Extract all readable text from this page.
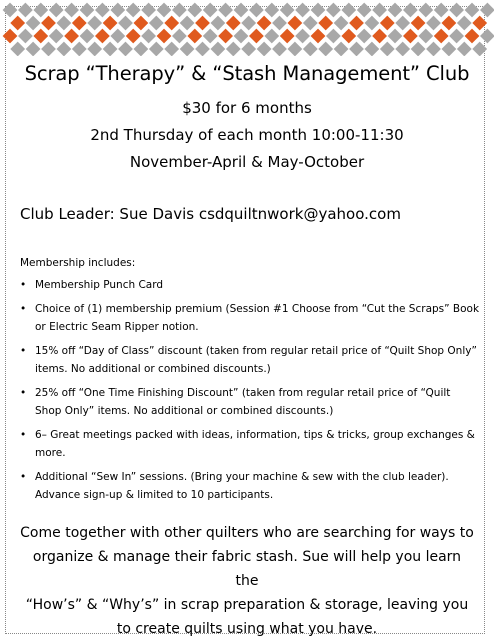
Scrap “Therapy” & “Stash Management” Club
$30 for 6 months
2nd Thursday of each month 10:00-11:30
November-April & May-October
Club Leader: Sue Davis csdquiltnwork@yahoo.com
Membership includes:
• Membership Punch Card
• Choice of (1) membership premium (Session #1 Choose from “Cut the Scraps” Book or Electric Seam Ripper notion.
• 15% off “Day of Class” discount (taken from regular retail price of “Quilt Shop Only” items. No additional or combined discounts.)
• 25% off “One Time Finishing Discount” (taken from regular retail price of “Quilt Shop Only” items. No additional or combined discounts.)
• 6– Great meetings packed with ideas, information, tips & tricks, group exchanges & more.
• Additional “Sew In” sessions. (Bring your machine & sew with the club leader). Advance sign-up & limited to 10 participants.
Come together with other quilters who are searching for ways to
organize & manage their fabric stash. Sue will help you learn the
“How’s” & “Why’s” in scrap preparation & storage, leaving you
to create quilts using what you have.
